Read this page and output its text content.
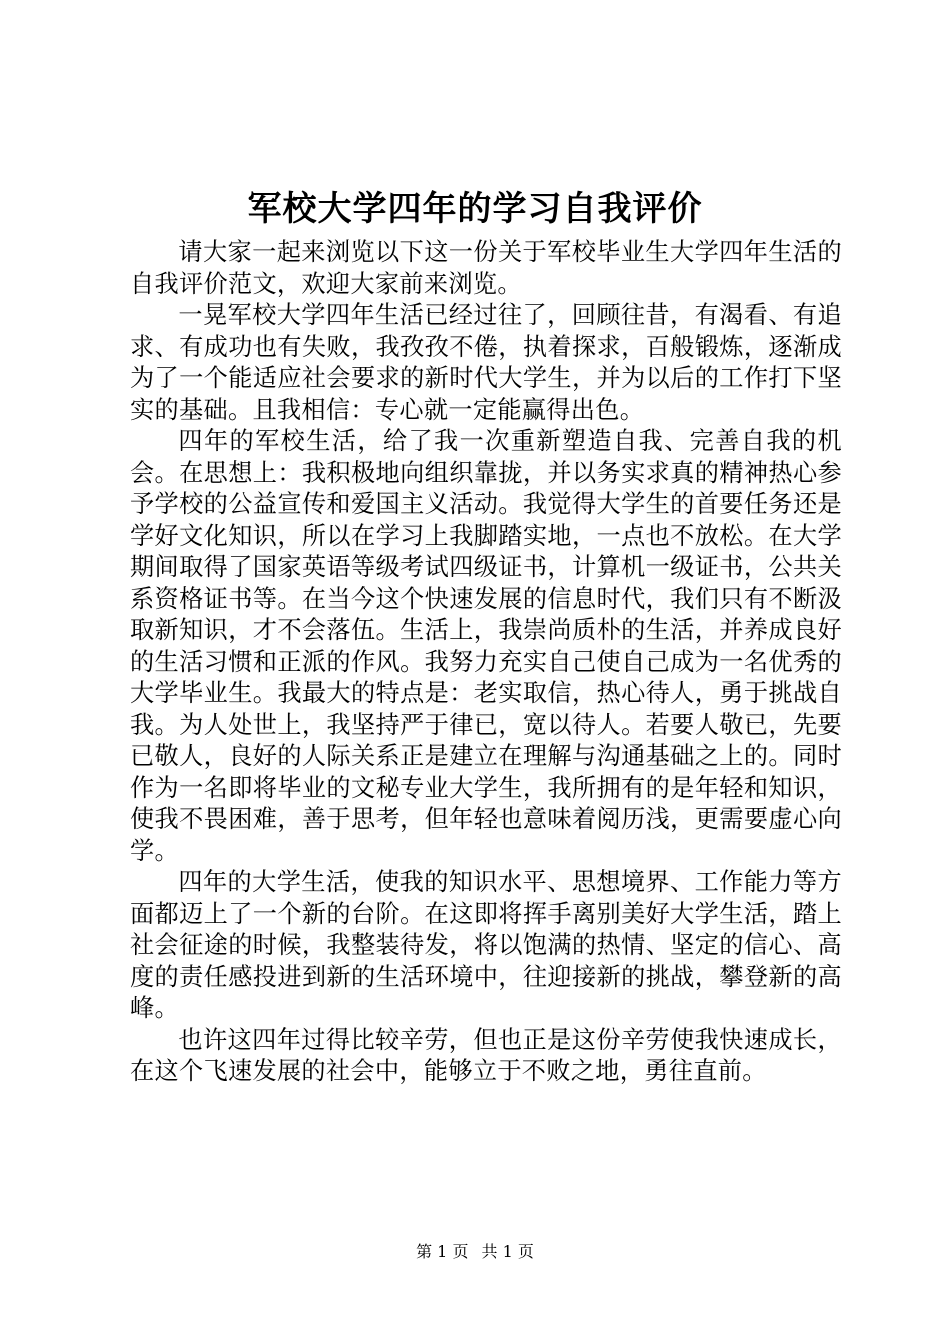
军校大学四年的学习自我评价

请大家一起来浏览以下这一份关于军校毕业生大学四年生活的自我评价范文，欢迎大家前来浏览。

一晃军校大学四年生活已经过往了，回顾往昔，有渴看、有追求、有成功也有失败，我孜孜不倦，执着探求，百般锻炼，逐渐成为了一个能适应社会要求的新时代大学生，并为以后的工作打下坚实的基础。且我相信：专心就一定能赢得出色。

四年的军校生活，给了我一次重新塑造自我、完善自我的机会。在思想上：我积极地向组织靠拢，并以务实求真的精神热心参予学校的公益宣传和爱国主义活动。我觉得大学生的首要任务还是学好文化知识，所以在学习上我脚踏实地，一点也不放松。在大学期间取得了国家英语等级考试四级证书，计算机一级证书，公共关系资格证书等。在当今这个快速发展的信息时代，我们只有不断汲取新知识，才不会落伍。生活上，我崇尚质朴的生活，并养成良好的生活习惯和正派的作风。我努力充实自己使自己成为一名优秀的大学毕业生。我最大的特点是：老实取信，热心待人，勇于挑战自我。为人处世上，我坚持严于律已，宽以待人。若要人敬已，先要已敬人，良好的人际关系正是建立在理解与沟通基础之上的。同时作为一名即将毕业的文秘专业大学生，我所拥有的是年轻和知识，使我不畏困难，善于思考，但年轻也意味着阅历浅，更需要虚心向学。

四年的大学生活，使我的知识水平、思想境界、工作能力等方面都迈上了一个新的台阶。在这即将挥手离别美好大学生活，踏上社会征途的时候，我整装待发，将以饱满的热情、坚定的信心、高度的责任感投进到新的生活环境中，往迎接新的挑战，攀登新的高峰。

也许这四年过得比较辛劳，但也正是这份辛劳使我快速成长，在这个飞速发展的社会中，能够立于不败之地，勇往直前。

第 1 页 共 1 页
